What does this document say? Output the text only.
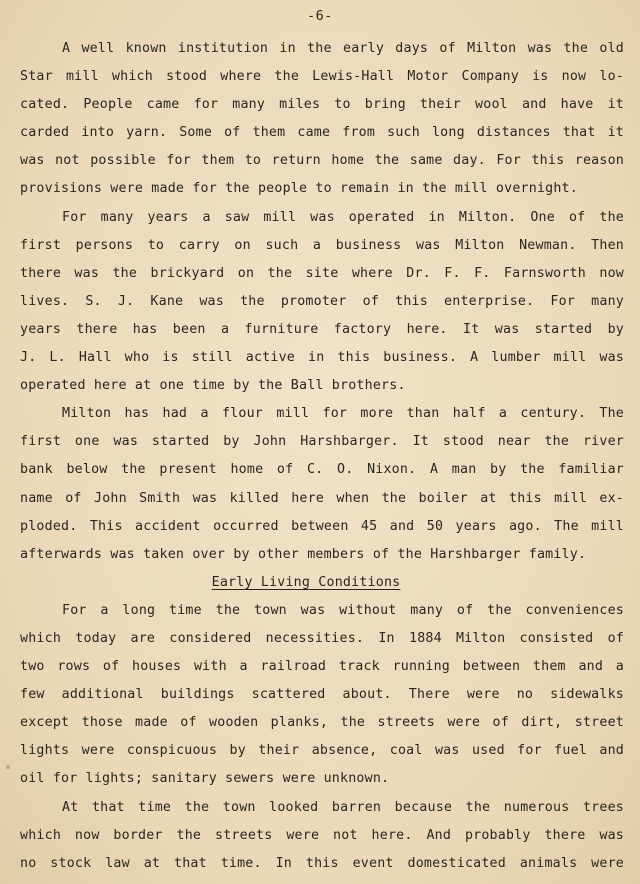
-6-
A well known institution in the early days of Milton was the old
Star mill which stood where the Lewis-Hall Motor Company is now lo-
cated. People came for many miles to bring their wool and have it
carded into yarn. Some of them came from such long distances that it
was not possible for them to return home the same day. For this reason
provisions were made for the people to remain in the mill overnight.
For many years a saw mill was operated in Milton. One of the
first persons to carry on such a business was Milton Newman. Then
there was the brickyard on the site where Dr. F. F. Farnsworth now
lives. S. J. Kane was the promoter of this enterprise. For many
years there has been a furniture factory here. It was started by
J. L. Hall who is still active in this business. A lumber mill was
operated here at one time by the Ball brothers.
Milton has had a flour mill for more than half a century. The
first one was started by John Harshbarger. It stood near the river
bank below the present home of C. O. Nixon. A man by the familiar
name of John Smith was killed here when the boiler at this mill ex-
ploded. This accident occurred between 45 and 50 years ago. The mill
afterwards was taken over by other members of the Harshbarger family.
Early Living Conditions
For a long time the town was without many of the conveniences
which today are considered necessities. In 1884 Milton consisted of
two rows of houses with a railroad track running between them and a
few additional buildings scattered about. There were no sidewalks
except those made of wooden planks, the streets were of dirt, street
lights were conspicuous by their absence, coal was used for fuel and
oil for lights; sanitary sewers were unknown.
At that time the town looked barren because the numerous trees
which now border the streets were not here. And probably there was
no stock law at that time. In this event domesticated animals were
